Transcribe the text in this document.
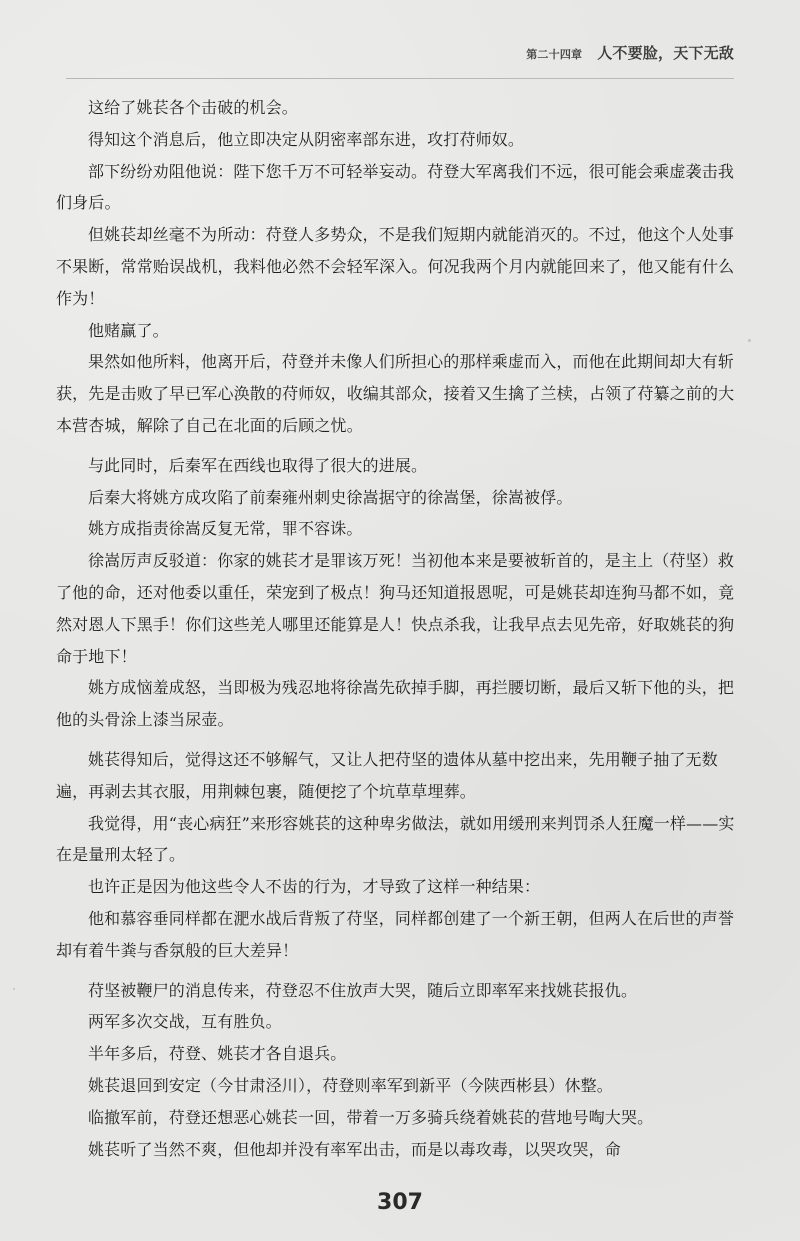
第二十四章 人不要脸，天下无敌

这给了姚苌各个击破的机会。

得知这个消息后，他立即决定从阴密率部东进，攻打苻师奴。

部下纷纷劝阻他说：陛下您千万不可轻举妄动。苻登大军离我们不远，很可能会乘虚袭击我们身后。

但姚苌却丝毫不为所动：苻登人多势众，不是我们短期内就能消灭的。不过，他这个人处事不果断，常常贻误战机，我料他必然不会轻军深入。何况我两个月内就能回来了，他又能有什么作为！

他赌赢了。

果然如他所料，他离开后，苻登并未像人们所担心的那样乘虚而入，而他在此期间却大有斩获，先是击败了早已军心涣散的苻师奴，收编其部众，接着又生擒了兰椟，占领了苻纂之前的大本营杏城，解除了自己在北面的后顾之忧。

与此同时，后秦军在西线也取得了很大的进展。

后秦大将姚方成攻陷了前秦雍州刺史徐嵩据守的徐嵩堡，徐嵩被俘。

姚方成指责徐嵩反复无常，罪不容诛。

徐嵩厉声反驳道：你家的姚苌才是罪该万死！当初他本来是要被斩首的，是主上（苻坚）救了他的命，还对他委以重任，荣宠到了极点！狗马还知道报恩呢，可是姚苌却连狗马都不如，竟然对恩人下黑手！你们这些羌人哪里还能算是人！快点杀我，让我早点去见先帝，好取姚苌的狗命于地下！

姚方成恼羞成怒，当即极为残忍地将徐嵩先砍掉手脚，再拦腰切断，最后又斩下他的头，把他的头骨涂上漆当尿壶。

姚苌得知后，觉得这还不够解气，又让人把苻坚的遗体从墓中挖出来，先用鞭子抽了无数遍，再剥去其衣服，用荆棘包裹，随便挖了个坑草草埋葬。

我觉得，用“丧心病狂”来形容姚苌的这种卑劣做法，就如用缓刑来判罚杀人狂魔一样——实在是量刑太轻了。

也许正是因为他这些令人不齿的行为，才导致了这样一种结果：

他和慕容垂同样都在淝水战后背叛了苻坚，同样都创建了一个新王朝，但两人在后世的声誉却有着牛粪与香氛般的巨大差异！

苻坚被鞭尸的消息传来，苻登忍不住放声大哭，随后立即率军来找姚苌报仇。

两军多次交战，互有胜负。

半年多后，苻登、姚苌才各自退兵。

姚苌退回到安定（今甘肃泾川），苻登则率军到新平（今陕西彬县）休整。

临撤军前，苻登还想恶心姚苌一回，带着一万多骑兵绕着姚苌的营地号啕大哭。

姚苌听了当然不爽，但他却并没有率军出击，而是以毒攻毒，以哭攻哭，命

307
